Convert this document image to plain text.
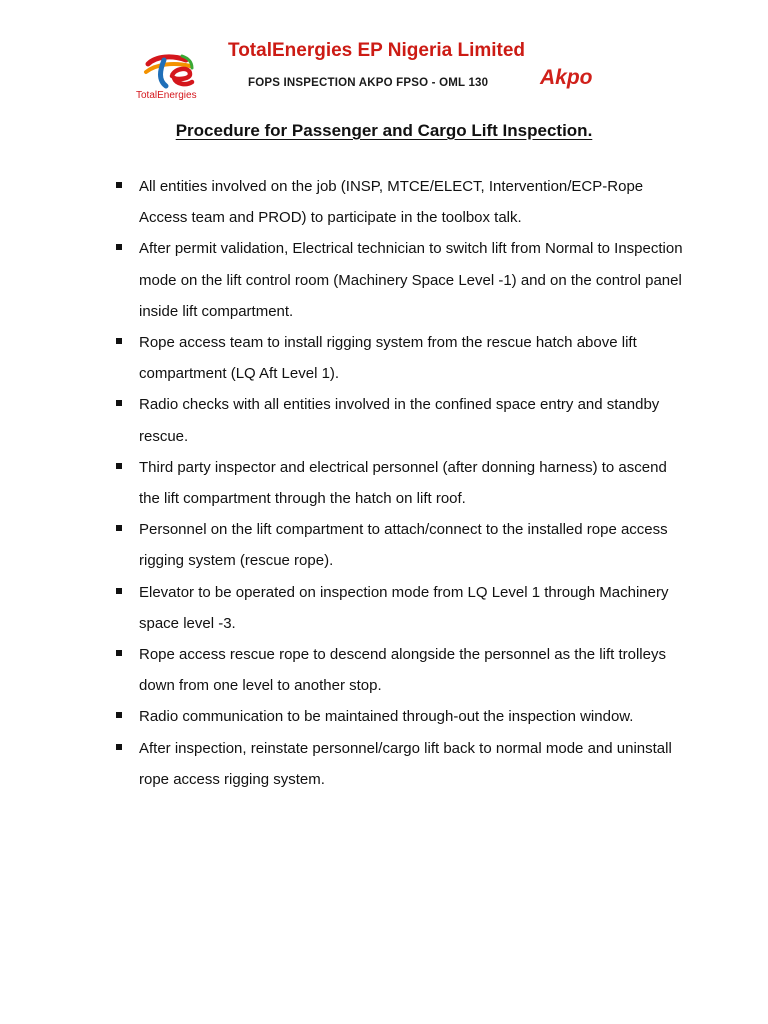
TotalEnergies
TotalEnergies EP Nigeria Limited
FOPS INSPECTION AKPO FPSO - OML 130 Akpo
Procedure for Passenger and Cargo Lift Inspection.
All entities involved on the job (INSP, MTCE/ELECT, Intervention/ECP-Rope Access team and PROD) to participate in the toolbox talk.
After permit validation, Electrical technician to switch lift from Normal to Inspection mode on the lift control room (Machinery Space Level -1) and on the control panel inside lift compartment.
Rope access team to install rigging system from the rescue hatch above lift compartment (LQ Aft Level 1).
Radio checks with all entities involved in the confined space entry and standby rescue.
Third party inspector and electrical personnel (after donning harness) to ascend the lift compartment through the hatch on lift roof.
Personnel on the lift compartment to attach/connect to the installed rope access rigging system (rescue rope).
Elevator to be operated on inspection mode from LQ Level 1 through Machinery space level -3.
Rope access rescue rope to descend alongside the personnel as the lift trolleys down from one level to another stop.
Radio communication to be maintained through-out the inspection window.
After inspection, reinstate personnel/cargo lift back to normal mode and uninstall rope access rigging system.
